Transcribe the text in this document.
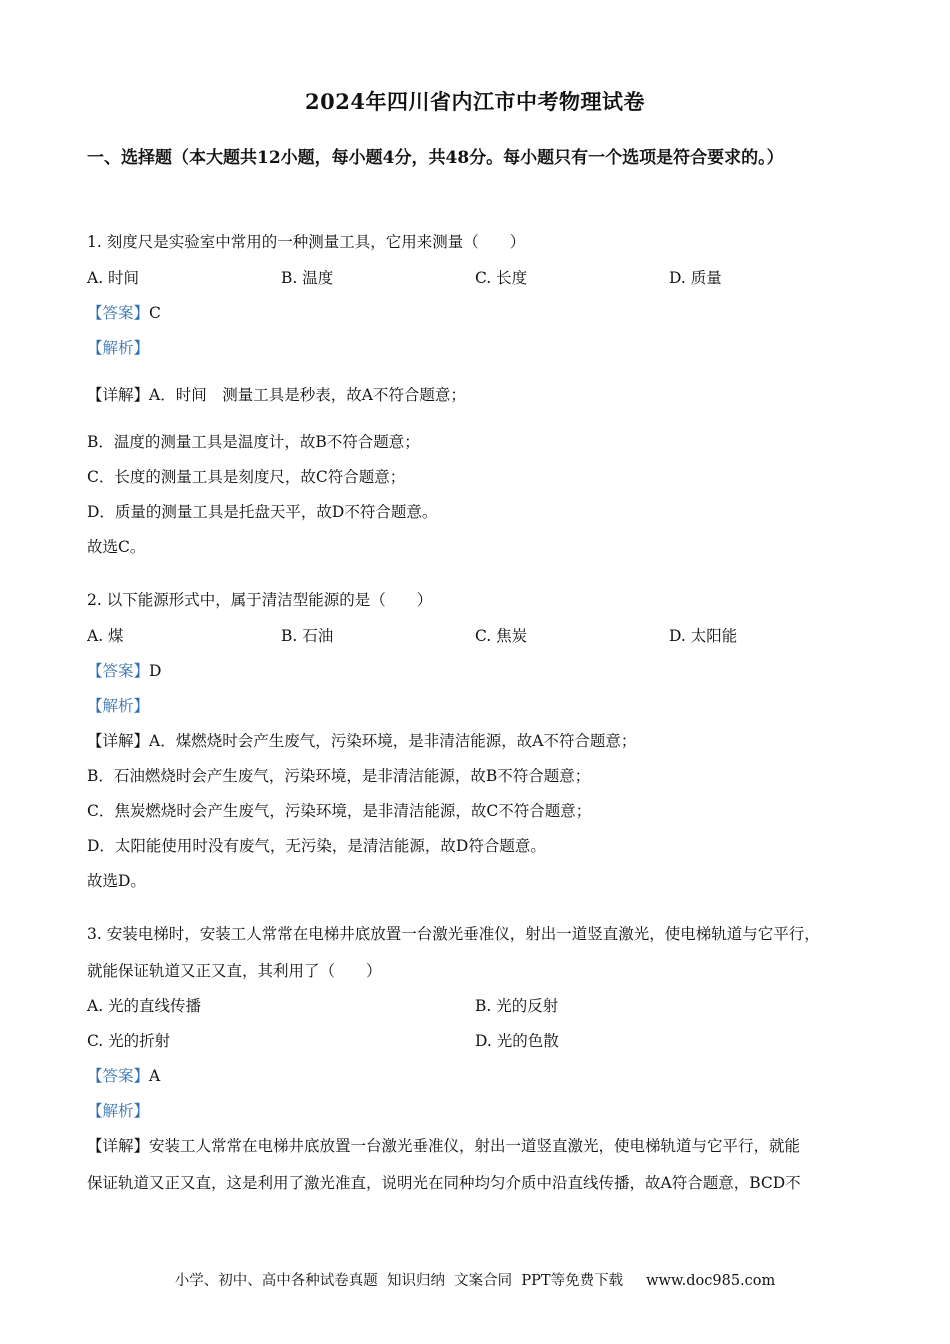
2024年四川省内江市中考物理试卷
一、选择题（本大题共12小题，每小题4分，共48分。每小题只有一个选项是符合要求的。）
1. 刻度尺是实验室中常用的一种测量工具，它用来测量（　　）
A. 时间	B. 温度	C. 长度	D. 质量
【答案】C
【解析】
【详解】A．时间　测量工具是秒表，故A不符合题意；
B．温度的测量工具是温度计，故B不符合题意；
C．长度的测量工具是刻度尺，故C符合题意；
D．质量的测量工具是托盘天平，故D不符合题意。
故选C。
2. 以下能源形式中，属于清洁型能源的是（　　）
A. 煤	B. 石油	C. 焦炭	D. 太阳能
【答案】D
【解析】
【详解】A．煤燃烧时会产生废气，污染环境，是非清洁能源，故A不符合题意；
B．石油燃烧时会产生废气，污染环境，是非清洁能源，故B不符合题意；
C．焦炭燃烧时会产生废气，污染环境，是非清洁能源，故C不符合题意；
D．太阳能使用时没有废气，无污染，是清洁能源，故D符合题意。
故选D。
3. 安装电梯时，安装工人常常在电梯井底放置一台激光垂准仪，射出一道竖直激光，使电梯轨道与它平行，
就能保证轨道又正又直，其利用了（　　）
A. 光的直线传播	B. 光的反射
C. 光的折射	D. 光的色散
【答案】A
【解析】
【详解】安装工人常常在电梯井底放置一台激光垂准仪，射出一道竖直激光，使电梯轨道与它平行，就能
保证轨道又正又直，这是利用了激光准直，说明光在同种均匀介质中沿直线传播，故A符合题意，BCD不
小学、初中、高中各种试卷真题  知识归纳  文案合同  PPT等免费下载     www.doc985.com
